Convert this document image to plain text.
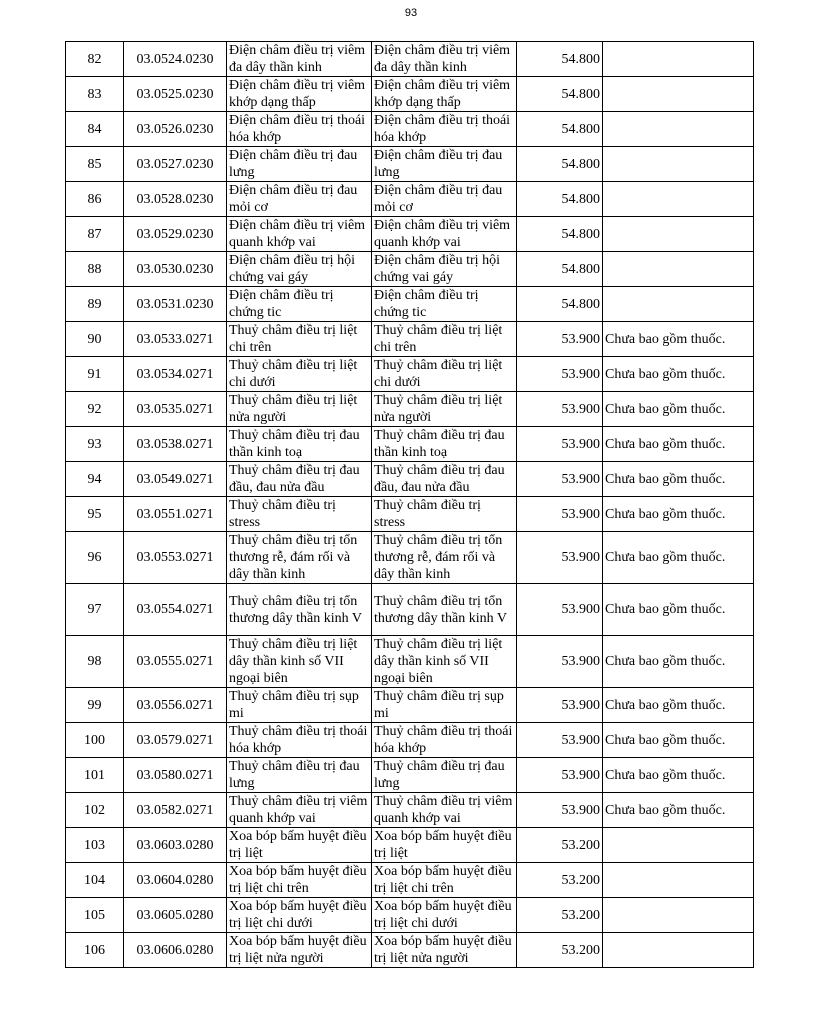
93
82	03.0524.0230	Điện châm điều trị viêm đa dây thần kinh	Điện châm điều trị viêm đa dây thần kinh	54.800	
83	03.0525.0230	Điện châm điều trị viêm khớp dạng thấp	Điện châm điều trị viêm khớp dạng thấp	54.800	
84	03.0526.0230	Điện châm điều trị thoái hóa khớp	Điện châm điều trị thoái hóa khớp	54.800	
85	03.0527.0230	Điện châm điều trị đau lưng	Điện châm điều trị đau lưng	54.800	
86	03.0528.0230	Điện châm điều trị đau mỏi cơ	Điện châm điều trị đau mỏi cơ	54.800	
87	03.0529.0230	Điện châm điều trị viêm quanh khớp vai	Điện châm điều trị viêm quanh khớp vai	54.800	
88	03.0530.0230	Điện châm điều trị hội chứng vai gáy	Điện châm điều trị hội chứng vai gáy	54.800	
89	03.0531.0230	Điện châm điều trị chứng tic	Điện châm điều trị chứng tic	54.800	
90	03.0533.0271	Thuỷ châm điều trị liệt chi trên	Thuỷ châm điều trị liệt chi trên	53.900	Chưa bao gồm thuốc.
91	03.0534.0271	Thuỷ châm điều trị liệt chi dưới	Thuỷ châm điều trị liệt chi dưới	53.900	Chưa bao gồm thuốc.
92	03.0535.0271	Thuỷ châm điều trị liệt nửa người	Thuỷ châm điều trị liệt nửa người	53.900	Chưa bao gồm thuốc.
93	03.0538.0271	Thuỷ châm điều trị đau thần kinh toạ	Thuỷ châm điều trị đau thần kinh toạ	53.900	Chưa bao gồm thuốc.
94	03.0549.0271	Thuỷ châm điều trị đau đầu, đau nửa đầu	Thuỷ châm điều trị đau đầu, đau nửa đầu	53.900	Chưa bao gồm thuốc.
95	03.0551.0271	Thuỷ châm điều trị stress	Thuỷ châm điều trị stress	53.900	Chưa bao gồm thuốc.
96	03.0553.0271	Thuỷ châm điều trị tổn thương rễ, đám rối và dây thần kinh	Thuỷ châm điều trị tổn thương rễ, đám rối và dây thần kinh	53.900	Chưa bao gồm thuốc.
97	03.0554.0271	Thuỷ châm điều trị tổn thương dây thần kinh V	Thuỷ châm điều trị tổn thương dây thần kinh V	53.900	Chưa bao gồm thuốc.
98	03.0555.0271	Thuỷ châm điều trị liệt dây thần kinh số VII ngoại biên	Thuỷ châm điều trị liệt dây thần kinh số VII ngoại biên	53.900	Chưa bao gồm thuốc.
99	03.0556.0271	Thuỷ châm điều trị sụp mi	Thuỷ châm điều trị sụp mi	53.900	Chưa bao gồm thuốc.
100	03.0579.0271	Thuỷ châm điều trị thoái hóa khớp	Thuỷ châm điều trị thoái hóa khớp	53.900	Chưa bao gồm thuốc.
101	03.0580.0271	Thuỷ châm điều trị đau lưng	Thuỷ châm điều trị đau lưng	53.900	Chưa bao gồm thuốc.
102	03.0582.0271	Thuỷ châm điều trị viêm quanh khớp vai	Thuỷ châm điều trị viêm quanh khớp vai	53.900	Chưa bao gồm thuốc.
103	03.0603.0280	Xoa bóp bấm huyệt điều trị liệt	Xoa bóp bấm huyệt điều trị liệt	53.200	
104	03.0604.0280	Xoa bóp bấm huyệt điều trị liệt chi trên	Xoa bóp bấm huyệt điều trị liệt chi trên	53.200	
105	03.0605.0280	Xoa bóp bấm huyệt điều trị liệt chi dưới	Xoa bóp bấm huyệt điều trị liệt chi dưới	53.200	
106	03.0606.0280	Xoa bóp bấm huyệt điều trị liệt nửa người	Xoa bóp bấm huyệt điều trị liệt nửa người	53.200	
